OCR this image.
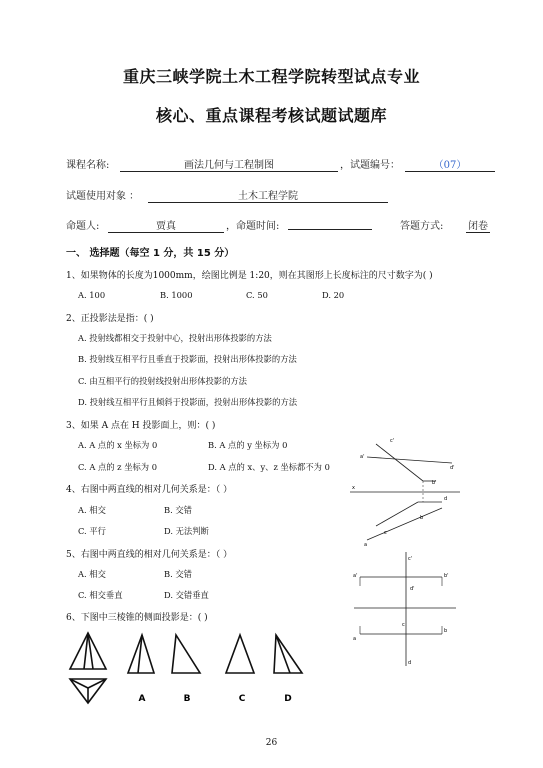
重庆三峡学院土木工程学院转型试点专业
核心、重点课程考核试题试题库
课程名称:	画法几何与工程制图	，试题编号：	（07）
试题使用对象 ：	土木工程学院
命题人:	贾真	，命题时间:	答题方式: 闭卷
一、 选择题（每空 1 分，共 15 分）
1、如果物体的长度为1000mm，绘图比例是 1:20，则在其图形上长度标注的尺寸数字为( )
A. 100	B. 1000	C. 50	D. 20
2、正投影法是指：( )
A. 投射线都相交于投射中心，投射出形体投影的方法
B. 投射线互相平行且垂直于投影面，投射出形体投影的方法
C. 由互相平行的投射线投射出形体投影的方法
D. 投射线互相平行且倾斜于投影面，投射出形体投影的方法
3、如果 A 点在 H 投影面上，则：( )
A. A 点的 x 坐标为 0	B. A 点的 y 坐标为 0
C. A 点的 z 坐标为 0	D. A 点的 x、y、z 坐标都不为 0
4、右图中两直线的相对几何关系是：（ ）
A. 相交	B. 交错
C. 平行	D. 无法判断
5、右图中两直线的相对几何关系是：（ ）
A. 相交	B. 交错
C. 相交垂直	D. 交错垂直
6、下图中三棱锥的侧面投影是：( )
c'
a'
d'
b'
x
d
b
c
a
a'	b'
c'
d'
a
b
c
d
A	B	C	D
26
